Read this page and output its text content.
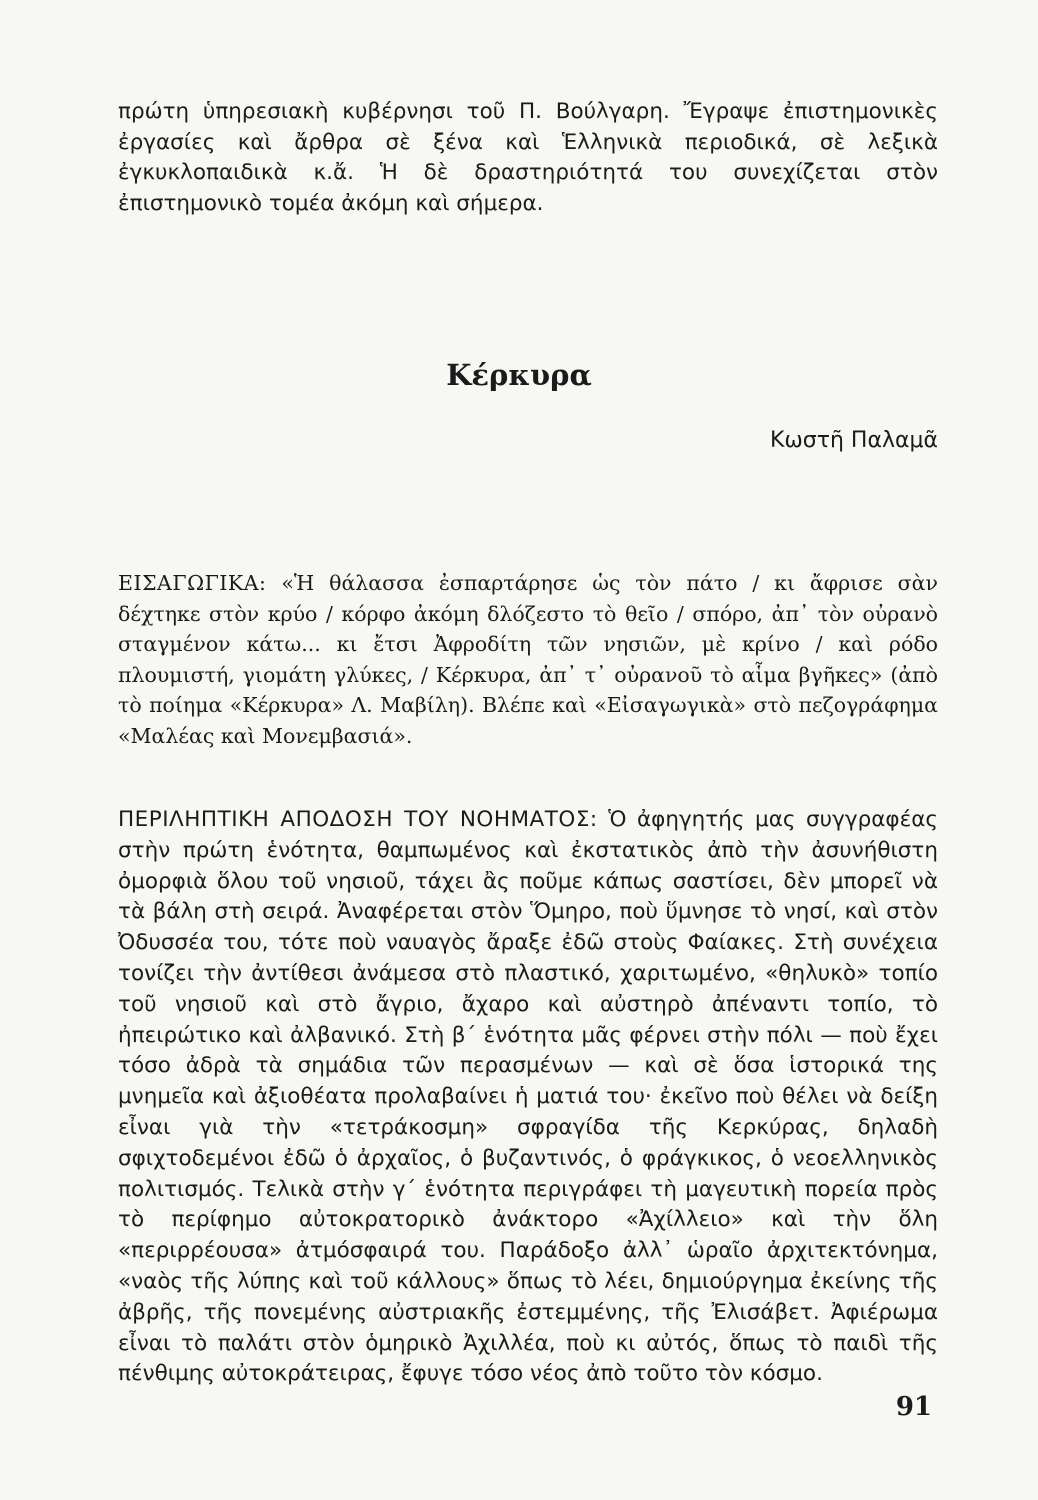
πρώτη ὑπηρεσιακὴ κυβέρνησι τοῦ Π. Βούλγαρη. Ἔγραψε ἐπιστημονικὲς ἐργασίες καὶ ἄρθρα σὲ ξένα καὶ Ἑλληνικὰ περιοδικά, σὲ λεξικὰ ἐγκυκλοπαιδικὰ κ.ἄ. Ἡ δὲ δραστηριότητά του συνεχίζεται στὸν ἐπιστημονικὸ τομέα ἀκόμη καὶ σήμερα.

Κέρκυρα

Κωστῆ Παλαμᾶ

ΕΙΣΑΓΩΓΙΚΑ: «Ἡ θάλασσα ἐσπαρτάρησε ὡς τὸν πάτο / κι ἄφρισε σὰν δέχτηκε στὸν κρύο / κόρφο ἀκόμη δλόζεστο τὸ θεῖο / σπόρο, ἀπ᾽ τὸν οὐρανὸ σταγμένον κάτω... κι ἔτσι Ἀφροδίτη τῶν νησιῶν, μὲ κρίνο / καὶ ρόδο πλουμιστή, γιομάτη γλύκες, / Κέρκυρα, ἀπ᾽ τ᾽ οὐρανοῦ τὸ αἷμα βγῆκες» (ἀπὸ τὸ ποίημα «Κέρκυρα» Λ. Μαβίλη). Βλέπε καὶ «Εἰσαγωγικὰ» στὸ πεζογράφημα «Μαλέας καὶ Μονεμβασιά».

ΠΕΡΙΛΗΠΤΙΚΗ ΑΠΟΔΟΣΗ ΤΟΥ ΝΟΗΜΑΤΟΣ: Ὁ ἀφηγητής μας συγγραφέας στὴν πρώτη ἑνότητα, θαμπωμένος καὶ ἐκστατικὸς ἀπὸ τὴν ἀσυνήθιστη ὀμορφιὰ ὅλου τοῦ νησιοῦ, τάχει ἂς ποῦμε κάπως σαστίσει, δὲν μπορεῖ νὰ τὰ βάλη στὴ σειρά. Ἀναφέρεται στὸν Ὅμηρο, ποὺ ὕμνησε τὸ νησί, καὶ στὸν Ὀδυσσέα του, τότε ποὺ ναυαγὸς ἄραξε ἐδῶ στοὺς Φαίακες. Στὴ συνέχεια τονίζει τὴν ἀντίθεσι ἀνάμεσα στὸ πλαστικό, χαριτωμένο, «θηλυκὸ» τοπίο τοῦ νησιοῦ καὶ στὸ ἄγριο, ἄχαρο καὶ αὐστηρὸ ἀπέναντι τοπίο, τὸ ἠπειρώτικο καὶ ἀλβανικό. Στὴ β΄ ἑνότητα μᾶς φέρνει στὴν πόλι — ποὺ ἔχει τόσο ἀδρὰ τὰ σημάδια τῶν περασμένων — καὶ σὲ ὅσα ἱστορικά της μνημεῖα καὶ ἀξιοθέατα προλαβαίνει ἡ ματιά του· ἐκεῖνο ποὺ θέλει νὰ δείξη εἶναι γιὰ τὴν «τετράκοσμη» σφραγίδα τῆς Κερκύρας, δηλαδὴ σφιχτοδεμένοι ἐδῶ ὁ ἀρχαῖος, ὁ βυζαντινός, ὁ φράγκικος, ὁ νεοελληνικὸς πολιτισμός. Τελικὰ στὴν γ΄ ἑνότητα περιγράφει τὴ μαγευτικὴ πορεία πρὸς τὸ περίφημο αὐτοκρατορικὸ ἀνάκτορο «Ἀχίλλειο» καὶ τὴν ὅλη «περιρρέουσα» ἀτμόσφαιρά του. Παράδοξο ἀλλ᾽ ὡραῖο ἀρχιτεκτόνημα, «ναὸς τῆς λύπης καὶ τοῦ κάλλους» ὅπως τὸ λέει, δημιούργημα ἐκείνης τῆς ἀβρῆς, τῆς πονεμένης αὐστριακῆς ἐστεμμένης, τῆς Ἐλισάβετ. Ἀφιέρωμα εἶναι τὸ παλάτι στὸν ὁμηρικὸ Ἀχιλλέα, ποὺ κι αὐτός, ὅπως τὸ παιδὶ τῆς πένθιμης αὐτοκράτειρας, ἔφυγε τόσο νέος ἀπὸ τοῦτο τὸν κόσμο.

91
